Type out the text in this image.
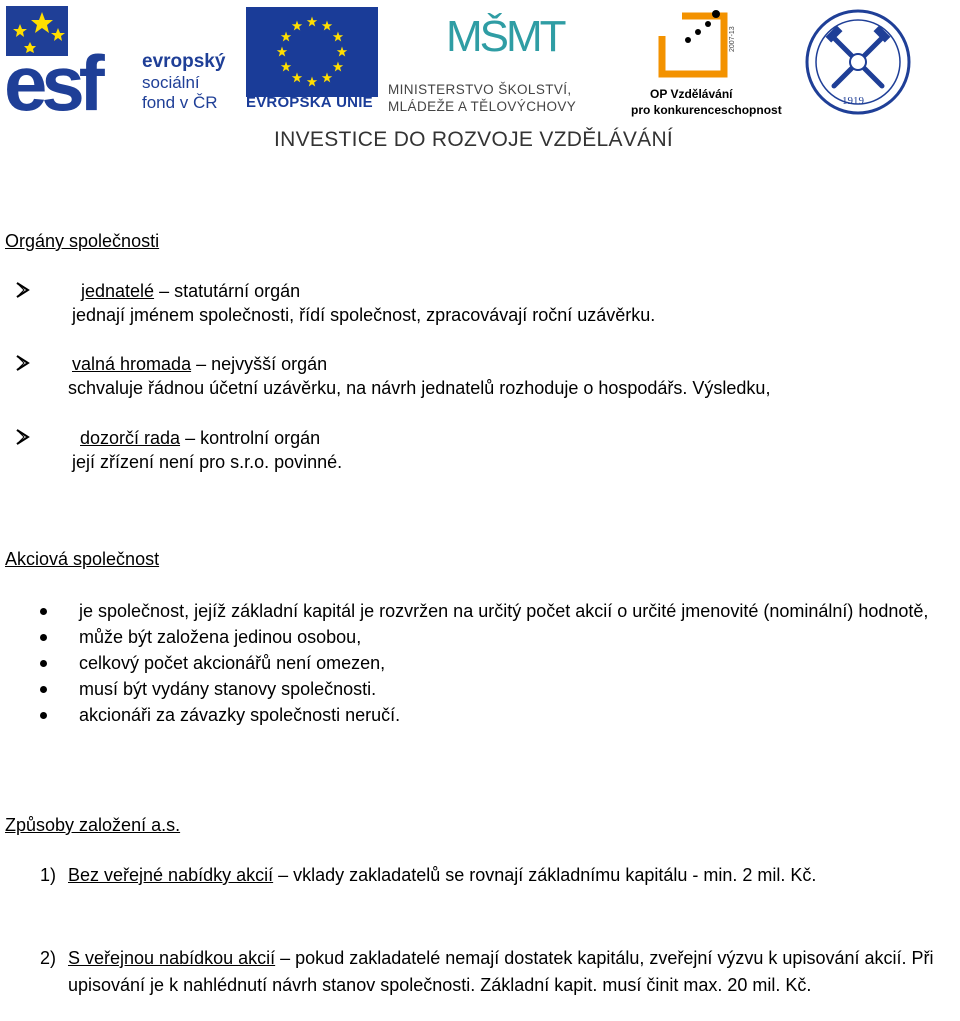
esf	evropský
sociální
fond v ČR EVROPSKÁ UNIE
MŠMT
MINISTERSTVO ŠKOLSTVÍ,
MLÁDEŽE A TĚLOVÝCHOVY
2007-13
OP Vzdělávání
pro konkurenceschopnost
1919
INVESTICE DO ROZVOJE VZDĚLÁVÁNÍ
Orgány společnosti
jednatelé – statutární orgán
jednají jménem společnosti, řídí společnost, zpracovávají roční uzávěrku.
valná hromada – nejvyšší orgán
schvaluje řádnou účetní uzávěrku, na návrh jednatelů rozhoduje o hospodářs. Výsledku,
dozorčí rada – kontrolní orgán
její zřízení není pro s.r.o. povinné.
Akciová společnost
je společnost, jejíž základní kapitál je rozvržen na určitý počet akcií o určité jmenovité (nominální) hodnotě,
může být založena jedinou osobou,
celkový počet akcionářů není omezen,
musí být vydány stanovy společnosti.
akcionáři za závazky společnosti neručí.
Způsoby založení a.s.
1) Bez veřejné nabídky akcií – vklady zakladatelů se rovnají základnímu kapitálu - min. 2 mil. Kč.
2) S veřejnou nabídkou akcií – pokud zakladatelé nemají dostatek kapitálu, zveřejní výzvu k upisování akcií. Při upisování je k nahlédnutí návrh stanov společnosti. Základní kapit. musí činit max. 20 mil. Kč.
